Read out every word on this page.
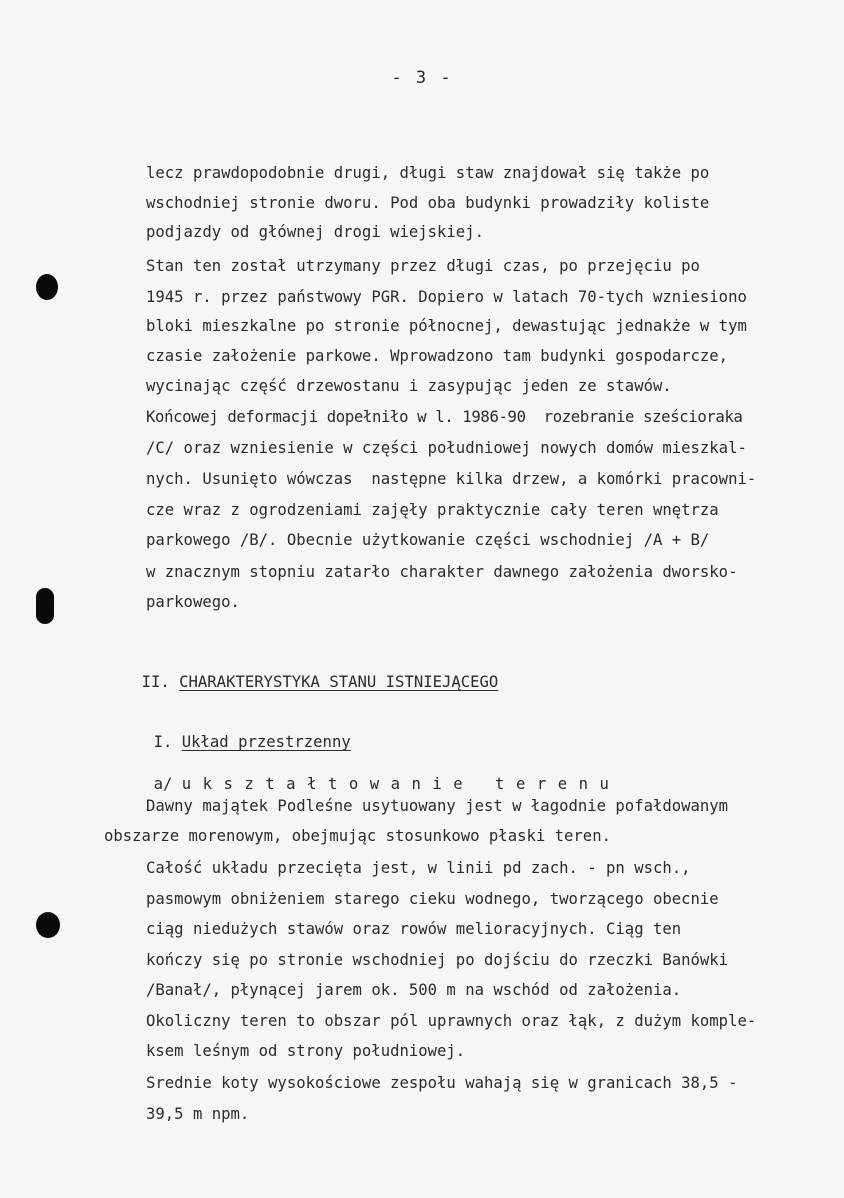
- 3 -
lecz prawdopodobnie drugi, długi staw znajdował się także po
wschodniej stronie dworu. Pod oba budynki prowadziły koliste
podjazdy od głównej drogi wiejskiej.
Stan ten został utrzymany przez długi czas, po przejęciu po
1945 r. przez państwowy PGR. Dopiero w latach 70-tych wzniesiono
bloki mieszkalne po stronie północnej, dewastując jednakże w tym
czasie założenie parkowe. Wprowadzono tam budynki gospodarcze,
wycinając część drzewostanu i zasypując jeden ze stawów.
Końcowej deformacji dopełniło w l. 1986-90  rozebranie sześcioraka
/C/ oraz wzniesienie w części południowej nowych domów mieszkal-
nych. Usunięto wówczas  następne kilka drzew, a komórki pracowni-
cze wraz z ogrodzeniami zajęły praktycznie cały teren wnętrza
parkowego /B/. Obecnie użytkowanie części wschodniej /A + B/
w znacznym stopniu zatarło charakter dawnego założenia dworsko-
parkowego.

II. CHARAKTERYSTYKA STANU ISTNIEJĄCEGO

I. Układ przestrzenny

a/ ukształtowanie terenu

Dawny majątek Podleśne usytuowany jest w łagodnie pofałdowanym
obszarze morenowym, obejmując stosunkowo płaski teren.
Całość układu przecięta jest, w linii pd zach. - pn wsch.,
pasmowym obniżeniem starego cieku wodnego, tworzącego obecnie
ciąg niedużych stawów oraz rowów melioracyjnych. Ciąg ten
kończy się po stronie wschodniej po dojściu do rzeczki Banówki
/Banał/, płynącej jarem ok. 500 m na wschód od założenia.
Okoliczny teren to obszar pól uprawnych oraz łąk, z dużym komple-
ksem leśnym od strony południowej.
Srednie koty wysokościowe zespołu wahają się w granicach 38,5 -
39,5 m npm.
